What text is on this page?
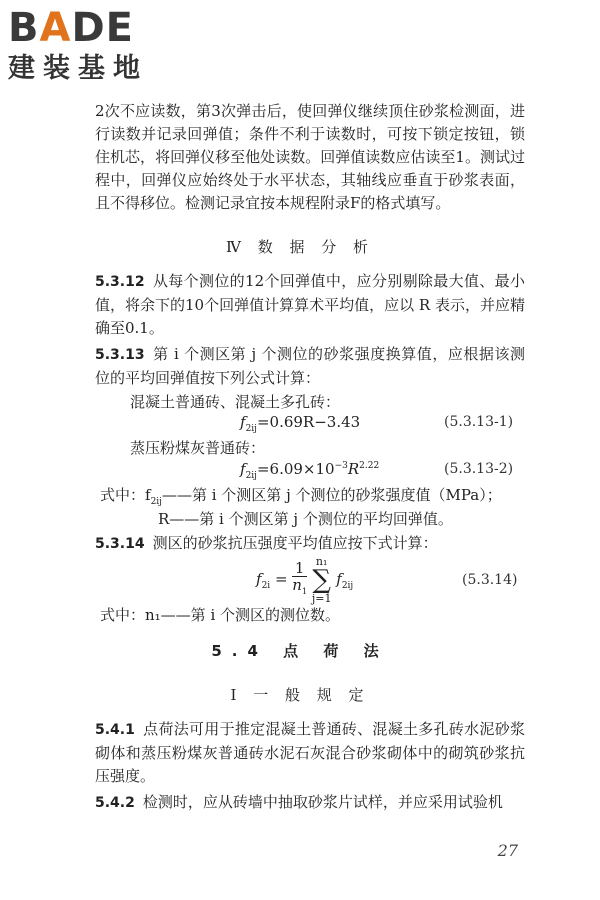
BADE
建装基地
2次不应读数，第3次弹击后，使回弹仪继续顶住砂浆检测面，进行读数并记录回弹值；条件不利于读数时，可按下锁定按钮，锁住机芯，将回弹仪移至他处读数。回弹值读数应估读至1。测试过程中，回弹仪应始终处于水平状态，其轴线应垂直于砂浆表面，且不得移位。检测记录宜按本规程附录F的格式填写。
Ⅳ 数 据 分 析
5.3.12 从每个测位的12个回弹值中，应分别剔除最大值、最小值，将余下的10个回弹值计算算术平均值，应以 R 表示，并应精确至0.1。
5.3.13 第 i 个测区第 j 个测位的砂浆强度换算值，应根据该测位的平均回弹值按下列公式计算：
混凝土普通砖、混凝土多孔砖：
$f_{2ij}=0.69R-3.43$	(5.3.13-1)
蒸压粉煤灰普通砖：
$f_{2ij}=6.09\times 10^{-3}R^{2.22}$	(5.3.13-2)
式中：$f_{2ij}——$第 i 个测区第 j 个测位的砂浆强度值（MPa）；
R——第 i 个测区第 j 个测位的平均回弹值。
5.3.14 测区的砂浆抗压强度平均值应按下式计算：
$f_{2i} = \frac{1}{n_1} n_1$
∑
j=1 $f_{2ij}$	(5.3.14)
式中：n₁——第 i 个测区的测位数。
5.4 点 荷 法
Ⅰ 一 般 规 定
5.4.1 点荷法可用于推定混凝土普通砖、混凝土多孔砖水泥砂浆砌体和蒸压粉煤灰普通砖水泥石灰混合砂浆砌体中的砌筑砂浆抗压强度。
5.4.2 检测时，应从砖墙中抽取砂浆片试样，并应采用试验机
27
